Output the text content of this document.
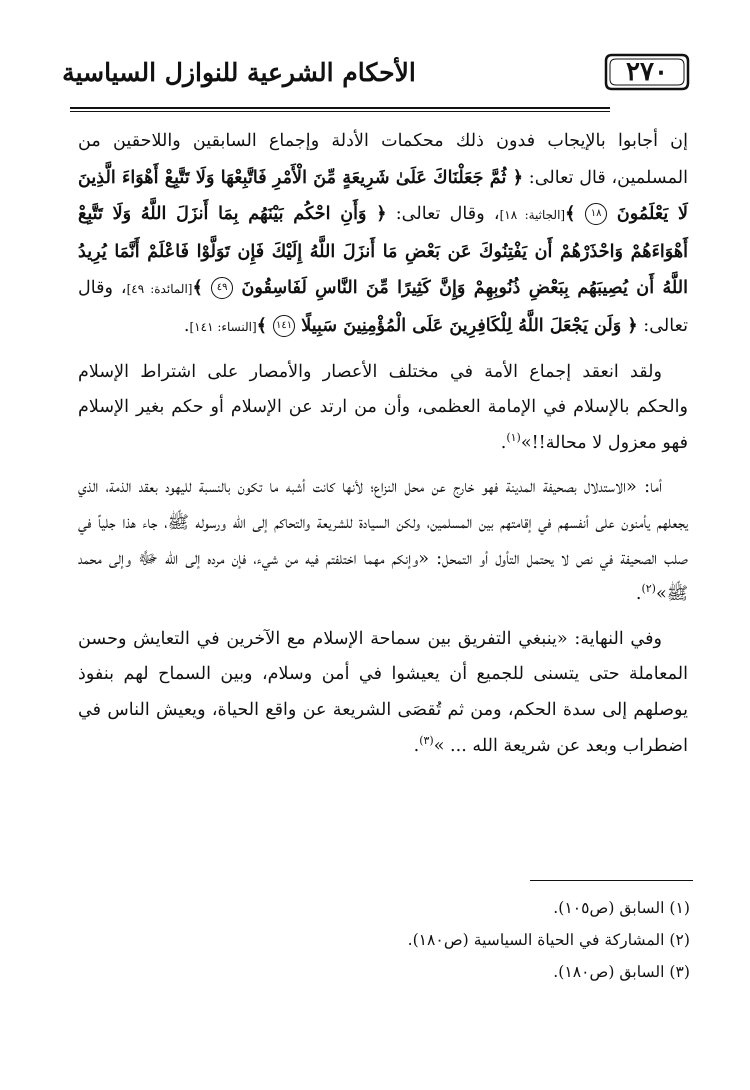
الأحكام الشرعية للنوازل السياسية	٢٧٠

إن أجابوا بالإيجاب فدون ذلك محكمات الأدلة وإجماع السابقين واللاحقين من المسلمين، قال تعالى: ﴿ ثُمَّ جَعَلْنَاكَ عَلَىٰ شَرِيعَةٍ مِّنَ الْأَمْرِ فَاتَّبِعْهَا وَلَا تَتَّبِعْ أَهْوَاءَ الَّذِينَ لَا يَعْلَمُونَ ١٨ ﴾[الجاثية: ١٨]، وقال تعالى: ﴿ وَأَنِ احْكُم بَيْنَهُم بِمَا أَنزَلَ اللَّهُ وَلَا تَتَّبِعْ أَهْوَاءَهُمْ وَاحْذَرْهُمْ أَن يَفْتِنُوكَ عَن بَعْضِ مَا أَنزَلَ اللَّهُ إِلَيْكَ فَإِن تَوَلَّوْا فَاعْلَمْ أَنَّمَا يُرِيدُ اللَّهُ أَن يُصِيبَهُم بِبَعْضِ ذُنُوبِهِمْ وَإِنَّ كَثِيرًا مِّنَ النَّاسِ لَفَاسِقُونَ ٤٩ ﴾[المائدة: ٤٩]، وقال تعالى: ﴿ وَلَن يَجْعَلَ اللَّهُ لِلْكَافِرِينَ عَلَى الْمُؤْمِنِينَ سَبِيلًا ١٤١ ﴾[النساء: ١٤١].

ولقد انعقد إجماع الأمة في مختلف الأعصار والأمصار على اشتراط الإسلام والحكم بالإسلام في الإمامة العظمى، وأن من ارتد عن الإسلام أو حكم بغير الإسلام فهو معزول لا محالة!!»$^{(١)}$.

أما: «الاستدلال بصحيفة المدينة فهو خارج عن محل النزاع؛ لأنها كانت أشبه ما تكون بالنسبة لليهود بعقد الذمة، الذي يجعلهم يأمنون على أنفسهم في إقامتهم بين المسلمين، ولكن السيادة للشريعة والتحاكم إلى الله ورسوله ﷺ، جاء هذا جلياً في صلب الصحيفة في نص لا يحتمل التأول أو التمحل: «وإنكم مهما اختلفتم فيه من شيء، فإن مرده إلى الله ﷻ وإلى محمد ﷺ»$^{(٢)}$.

وفي النهاية: «ينبغي التفريق بين سماحة الإسلام مع الآخرين في التعايش وحسن المعاملة حتى يتسنى للجميع أن يعيشوا في أمن وسلام، وبين السماح لهم بنفوذ يوصلهم إلى سدة الحكم، ومن ثم تُقصَى الشريعة عن واقع الحياة، ويعيش الناس في اضطراب وبعد عن شريعة الله ... »$^{(٣)}$.

(١) السابق (ص١٠٥).
(٢) المشاركة في الحياة السياسية (ص١٨٠).
(٣) السابق (ص١٨٠).
